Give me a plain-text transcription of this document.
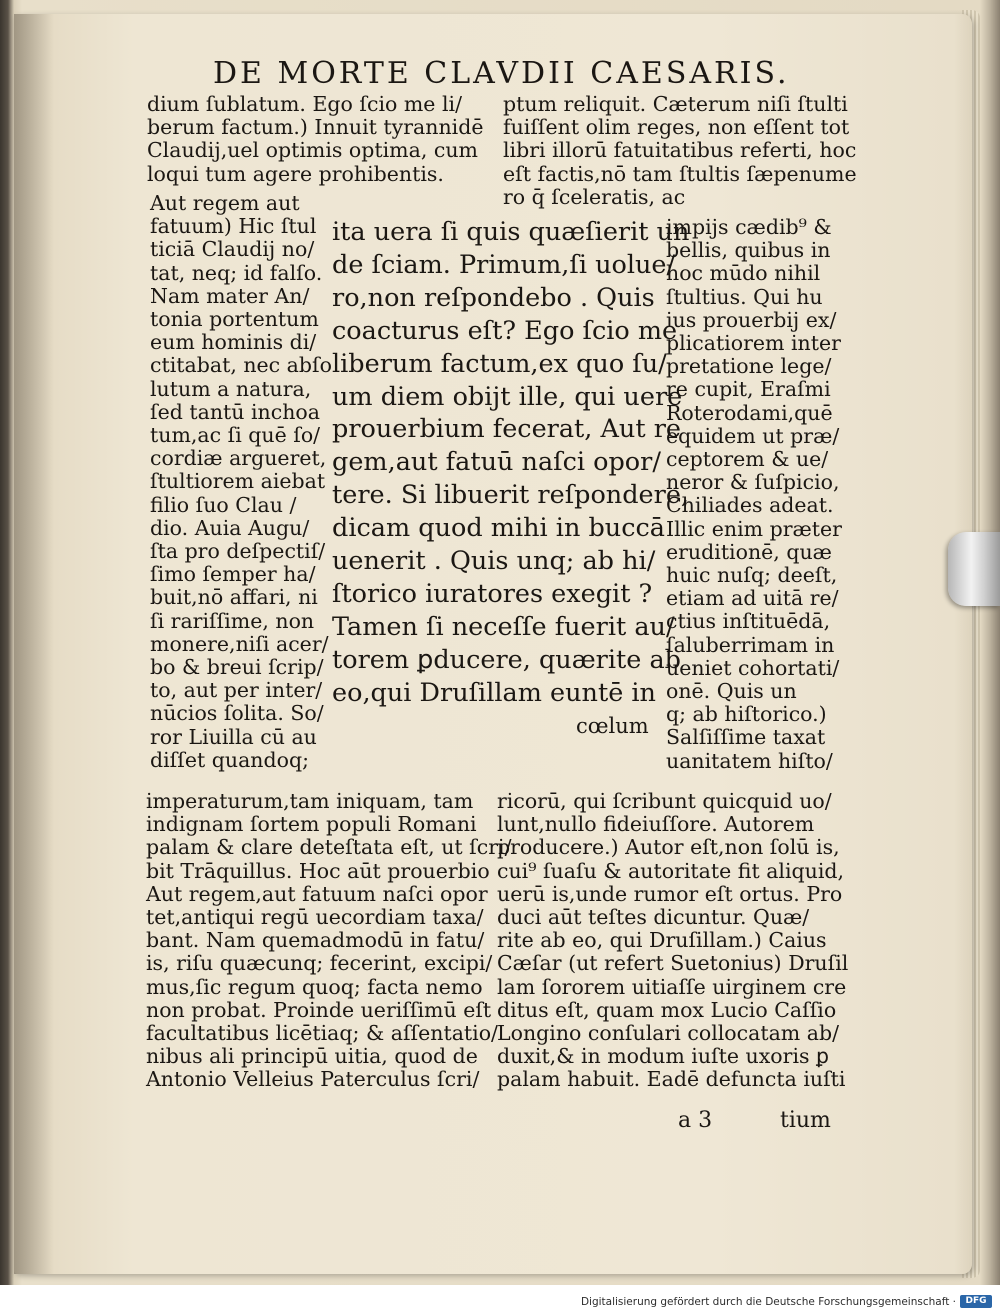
DE MORTE CLAVDII CAESARIS.
dium ſublatum. Ego ſcio me li/
berum factum.) Innuit tyrannidē
Claudij,uel optimis optima, cum
loqui tum agere prohibentis.
ptum reliquit. Cæterum niſi ſtulti
fuiſſent olim reges, non eſſent tot
libri illorū fatuitatibus referti, hoc
eſt factis,nō tam ſtultis ſæpenume
ro q̄ ſceleratis, ac
Aut regem aut
fatuum) Hic ſtul
ticiā Claudij no/
tat, neq; id falſo.
Nam mater An/
tonia portentum
eum hominis di/
ctitabat, nec abſo
lutum a natura,
ſed tantū inchoa
tum,ac ſi quē ſo/
cordiæ argueret,
ſtultiorem aiebat
filio ſuo Clau /
dio. Auia Augu/
ſta pro deſpectiſ/
ſimo ſemper ha/
buit,nō affari, ni
ſi rariſſime, non
monere,niſi acer/
bo & breui ſcrip/
to, aut per inter/
nūcios ſolita. So/
ror Liuilla cū au
diſſet quandoq;
ita uera ſi quis quæſierit un
de ſciam. Primum,ſi uolue/
ro,non reſpondebo . Quis
coacturus eſt? Ego ſcio me
liberum factum,ex quo ſu/
um diem obijt ille, qui uere
prouerbium fecerat, Aut re
gem,aut fatuū naſci opor/
tere. Si libuerit reſpondere,
dicam quod mihi in buccā
uenerit . Quis unq; ab hi/
ſtorico iuratores exegit ?
Tamen ſi neceſſe fuerit au/
torem ꝑducere, quærite ab
eo,qui Druſillam euntē in
cœlum
impijs cædib⁹ &
bellis, quibus in
hoc mūdo nihil
ſtultius. Qui hu
ius prouerbij ex/
plicatiorem inter
pretatione lege/
re cupit, Eraſmi
Roterodami,quē
equidem ut præ/
ceptorem & ue/
neror & ſuſpicio,
Chiliades adeat.
Illic enim præter
eruditionē, quæ
huic nuſq; deeſt,
etiam ad uitā re/
ctius inſtituēdā,
ſaluberrimam in
ueniet cohortati/
onē. Quis un
q; ab hiſtorico.)
Salſiſſime taxat
uanitatem hiſto/
imperaturum,tam iniquam, tam
indignam ſortem populi Romani
palam & clare deteſtata eſt, ut ſcri/
bit Trāquillus. Hoc aūt prouerbio
Aut regem,aut fatuum naſci opor
tet,antiqui regū uecordiam taxa/
bant. Nam quemadmodū in fatu/
is, riſu quæcunq; fecerint, excipi/
mus,ſic regum quoq; facta nemo
non probat. Proinde ueriſſimū eſt
facultatibus licētiaq; & aſſentatio/
nibus ali principū uitia, quod de
Antonio Velleius Paterculus ſcri/
ricorū, qui ſcribunt quicquid uo/
lunt,nullo fideiuſſore. Autorem
producere.) Autor eſt,non ſolū is,
cui⁹ ſuaſu & autoritate fit aliquid,
uerū is,unde rumor eſt ortus. Pro
duci aūt teſtes dicuntur. Quæ/
rite ab eo, qui Druſillam.) Caius
Cæſar (ut refert Suetonius) Druſil
lam ſororem uitiaſſe uirginem cre
ditus eſt, quam mox Lucio Caſſio
Longino conſulari collocatam ab/
duxit,& in modum iuſte uxoris ꝑ
palam habuit. Eadē defuncta iuſti
a 3	tium
Digitalisierung gefördert durch die Deutsche Forschungsgemeinschaft ·	DFG
